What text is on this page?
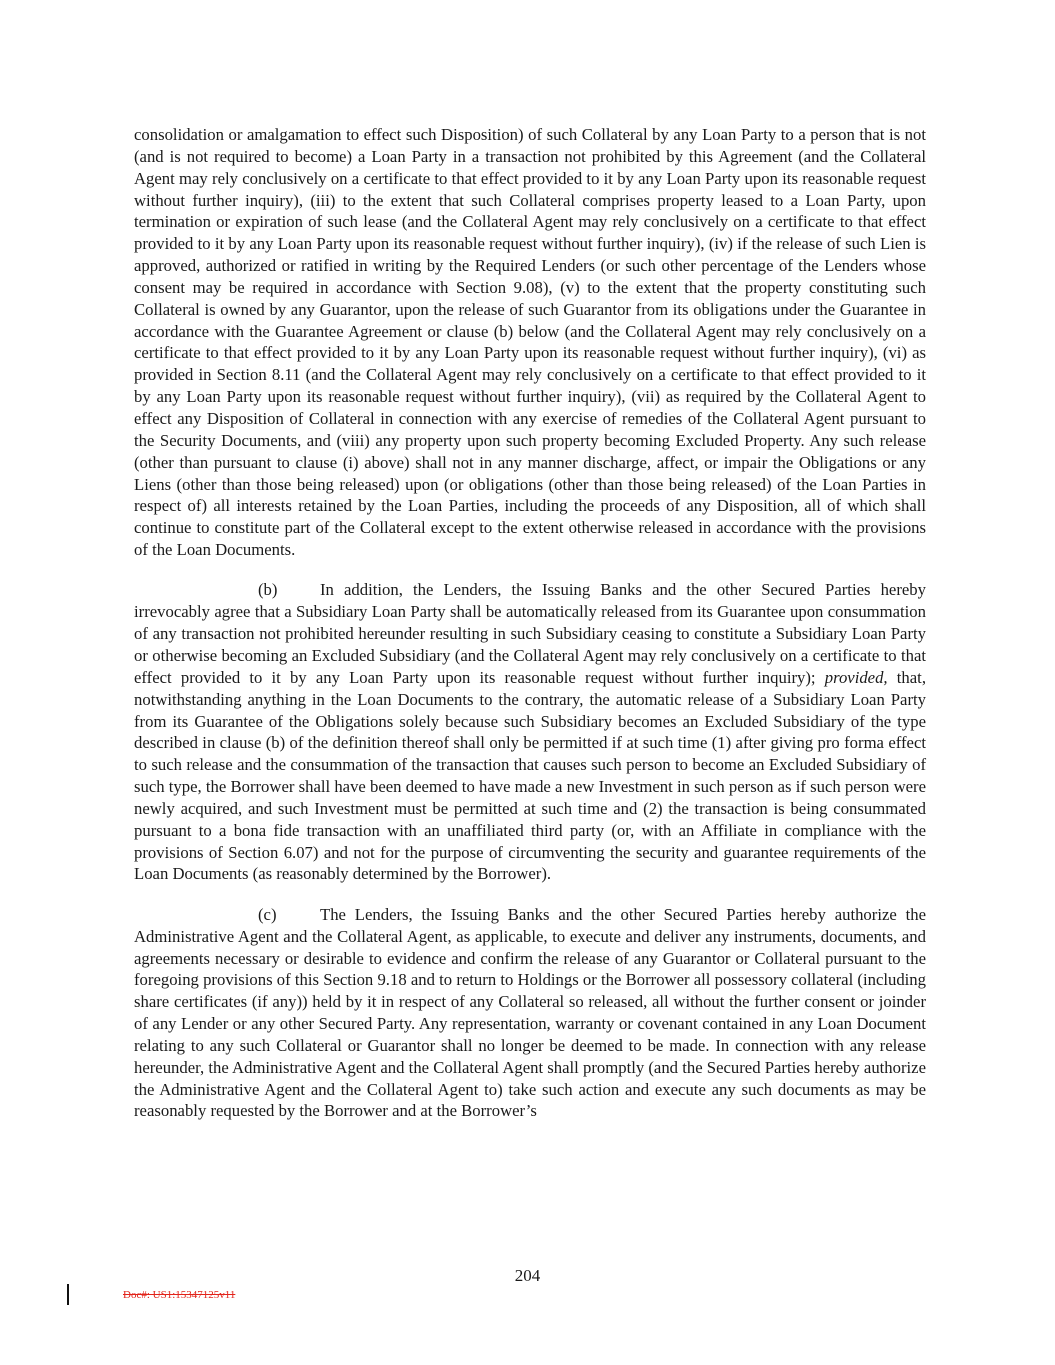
consolidation or amalgamation to effect such Disposition) of such Collateral by any Loan Party to a person that is not (and is not required to become) a Loan Party in a transaction not prohibited by this Agreement (and the Collateral Agent may rely conclusively on a certificate to that effect provided to it by any Loan Party upon its reasonable request without further inquiry), (iii) to the extent that such Collateral comprises property leased to a Loan Party, upon termination or expiration of such lease (and the Collateral Agent may rely conclusively on a certificate to that effect provided to it by any Loan Party upon its reasonable request without further inquiry), (iv) if the release of such Lien is approved, authorized or ratified in writing by the Required Lenders (or such other percentage of the Lenders whose consent may be required in accordance with Section 9.08), (v) to the extent that the property constituting such Collateral is owned by any Guarantor, upon the release of such Guarantor from its obligations under the Guarantee in accordance with the Guarantee Agreement or clause (b) below (and the Collateral Agent may rely conclusively on a certificate to that effect provided to it by any Loan Party upon its reasonable request without further inquiry), (vi) as provided in Section 8.11 (and the Collateral Agent may rely conclusively on a certificate to that effect provided to it by any Loan Party upon its reasonable request without further inquiry), (vii) as required by the Collateral Agent to effect any Disposition of Collateral in connection with any exercise of remedies of the Collateral Agent pursuant to the Security Documents, and (viii) any property upon such property becoming Excluded Property. Any such release (other than pursuant to clause (i) above) shall not in any manner discharge, affect, or impair the Obligations or any Liens (other than those being released) upon (or obligations (other than those being released) of the Loan Parties in respect of) all interests retained by the Loan Parties, including the proceeds of any Disposition, all of which shall continue to constitute part of the Collateral except to the extent otherwise released in accordance with the provisions of the Loan Documents.

(b)	In addition, the Lenders, the Issuing Banks and the other Secured Parties hereby irrevocably agree that a Subsidiary Loan Party shall be automatically released from its Guarantee upon consummation of any transaction not prohibited hereunder resulting in such Subsidiary ceasing to constitute a Subsidiary Loan Party or otherwise becoming an Excluded Subsidiary (and the Collateral Agent may rely conclusively on a certificate to that effect provided to it by any Loan Party upon its reasonable request without further inquiry); provided, that, notwithstanding anything in the Loan Documents to the contrary, the automatic release of a Subsidiary Loan Party from its Guarantee of the Obligations solely because such Subsidiary becomes an Excluded Subsidiary of the type described in clause (b) of the definition thereof shall only be permitted if at such time (1) after giving pro forma effect to such release and the consummation of the transaction that causes such person to become an Excluded Subsidiary of such type, the Borrower shall have been deemed to have made a new Investment in such person as if such person were newly acquired, and such Investment must be permitted at such time and (2) the transaction is being consummated pursuant to a bona fide transaction with an unaffiliated third party (or, with an Affiliate in compliance with the provisions of Section 6.07) and not for the purpose of circumventing the security and guarantee requirements of the Loan Documents (as reasonably determined by the Borrower).

(c)	The Lenders, the Issuing Banks and the other Secured Parties hereby authorize the Administrative Agent and the Collateral Agent, as applicable, to execute and deliver any instruments, documents, and agreements necessary or desirable to evidence and confirm the release of any Guarantor or Collateral pursuant to the foregoing provisions of this Section 9.18 and to return to Holdings or the Borrower all possessory collateral (including share certificates (if any)) held by it in respect of any Collateral so released, all without the further consent or joinder of any Lender or any other Secured Party. Any representation, warranty or covenant contained in any Loan Document relating to any such Collateral or Guarantor shall no longer be deemed to be made. In connection with any release hereunder, the Administrative Agent and the Collateral Agent shall promptly (and the Secured Parties hereby authorize the Administrative Agent and the Collateral Agent to) take such action and execute any such documents as may be reasonably requested by the Borrower and at the Borrower’s

204
Doc#: US1:15347125v11
